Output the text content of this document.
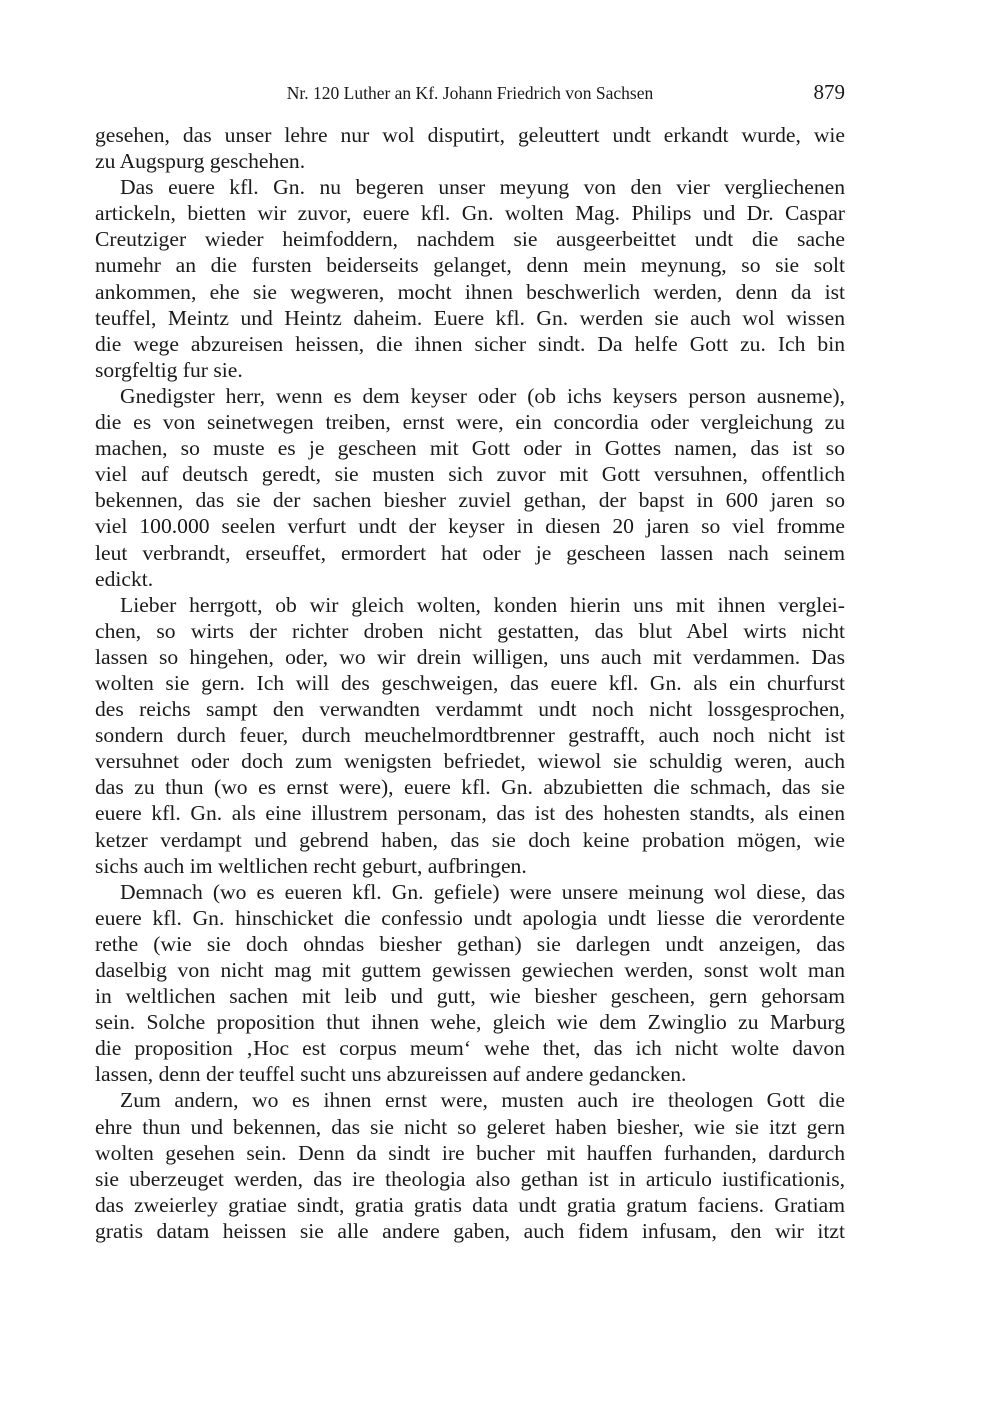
Nr. 120 Luther an Kf. Johann Friedrich von Sachsen	879
gesehen, das unser lehre nur wol disputirt, geleuttert undt erkandt wurde, wie
zu Augspurg geschehen.
Das euere kfl. Gn. nu begeren unser meyung von den vier vergliechenen
artickeln, bietten wir zuvor, euere kfl. Gn. wolten Mag. Philips und Dr. Caspar
Creutziger wieder heimfoddern, nachdem sie ausgeerbeittet undt die sache
numehr an die fursten beiderseits gelanget, denn mein meynung, so sie solt
ankommen, ehe sie wegweren, mocht ihnen beschwerlich werden, denn da ist
teuffel, Meintz und Heintz daheim. Euere kfl. Gn. werden sie auch wol wissen
die wege abzureisen heissen, die ihnen sicher sindt. Da helfe Gott zu. Ich bin
sorgfeltig fur sie.
Gnedigster herr, wenn es dem keyser oder (ob ichs keysers person ausneme),
die es von seinetwegen treiben, ernst were, ein concordia oder vergleichung zu
machen, so muste es je gescheen mit Gott oder in Gottes namen, das ist so
viel auf deutsch geredt, sie musten sich zuvor mit Gott versuhnen, offentlich
bekennen, das sie der sachen biesher zuviel gethan, der bapst in 600 jaren so
viel 100.000 seelen verfurt undt der keyser in diesen 20 jaren so viel fromme
leut verbrandt, erseuffet, ermordert hat oder je gescheen lassen nach seinem
edickt.
Lieber herrgott, ob wir gleich wolten, konden hierin uns mit ihnen verglei-
chen, so wirts der richter droben nicht gestatten, das blut Abel wirts nicht
lassen so hingehen, oder, wo wir drein willigen, uns auch mit verdammen. Das
wolten sie gern. Ich will des geschweigen, das euere kfl. Gn. als ein churfurst
des reichs sampt den verwandten verdammt undt noch nicht lossgesprochen,
sondern durch feuer, durch meuchelmordtbrenner gestrafft, auch noch nicht ist
versuhnet oder doch zum wenigsten befriedet, wiewol sie schuldig weren, auch
das zu thun (wo es ernst were), euere kfl. Gn. abzubietten die schmach, das sie
euere kfl. Gn. als eine illustrem personam, das ist des hohesten standts, als einen
ketzer verdampt und gebrend haben, das sie doch keine probation mögen, wie
sichs auch im weltlichen recht geburt, aufbringen.
Demnach (wo es eueren kfl. Gn. gefiele) were unsere meinung wol diese, das
euere kfl. Gn. hinschicket die confessio undt apologia undt liesse die verordente
rethe (wie sie doch ohndas biesher gethan) sie darlegen undt anzeigen, das
daselbig von nicht mag mit guttem gewissen gewiechen werden, sonst wolt man
in weltlichen sachen mit leib und gutt, wie biesher gescheen, gern gehorsam
sein. Solche proposition thut ihnen wehe, gleich wie dem Zwinglio zu Marburg
die proposition ‚Hoc est corpus meum‘ wehe thet, das ich nicht wolte davon
lassen, denn der teuffel sucht uns abzureissen auf andere gedancken.
Zum andern, wo es ihnen ernst were, musten auch ire theologen Gott die
ehre thun und bekennen, das sie nicht so geleret haben biesher, wie sie itzt gern
wolten gesehen sein. Denn da sindt ire bucher mit hauffen furhanden, dardurch
sie uberzeuget werden, das ire theologia also gethan ist in articulo iustificationis,
das zweierley gratiae sindt, gratia gratis data undt gratia gratum faciens. Gratiam
gratis datam heissen sie alle andere gaben, auch fidem infusam, den wir itzt
